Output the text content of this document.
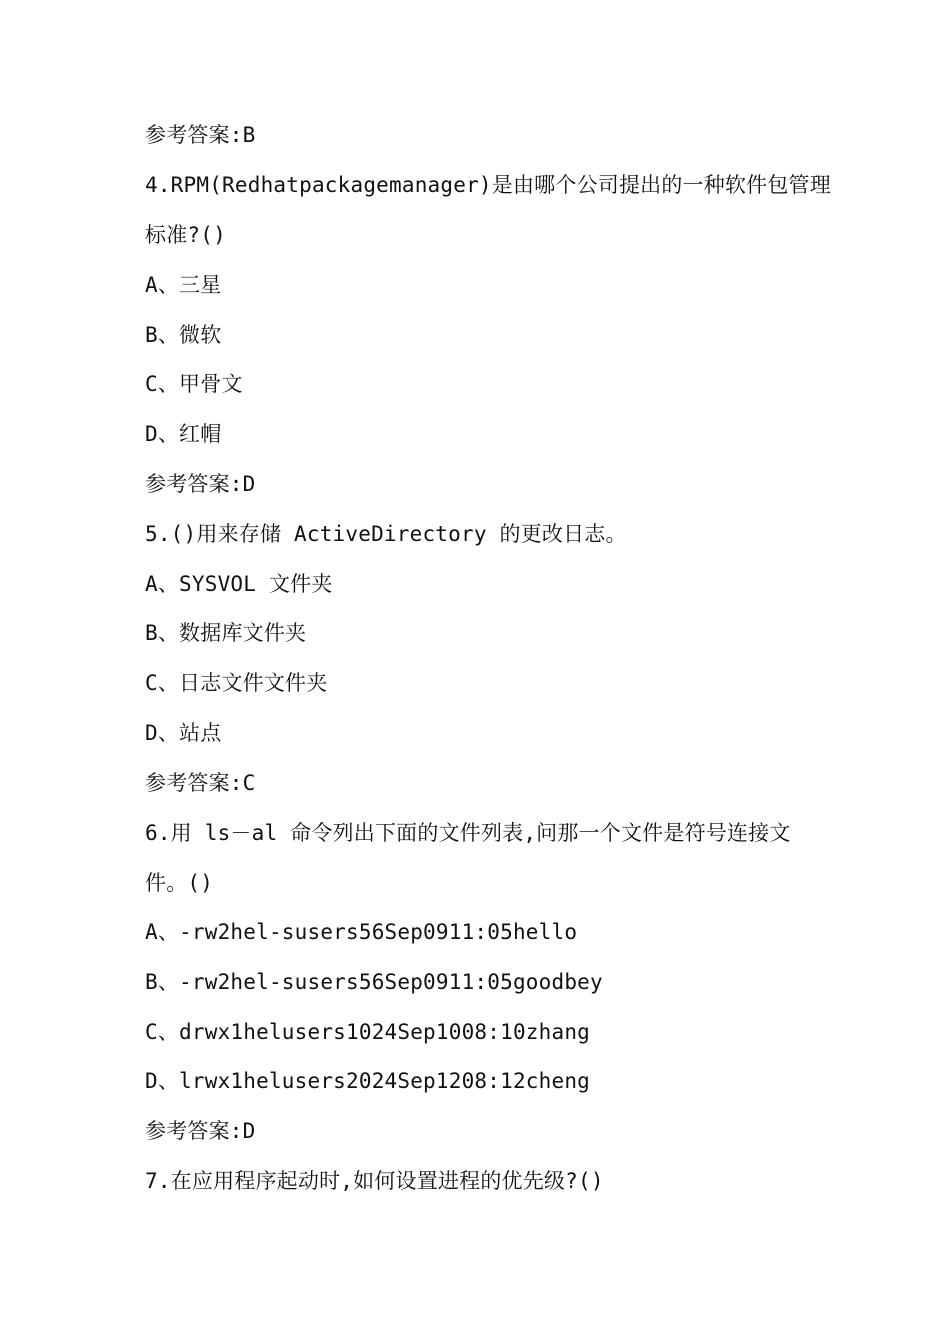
参考答案:B
4.RPM(Redhatpackagemanager)是由哪个公司提出的一种软件包管理
标准?()
A、三星
B、微软
C、甲骨文
D、红帽
参考答案:D
5.()用来存储 ActiveDirectory 的更改日志。
A、SYSVOL 文件夹
B、数据库文件夹
C、日志文件文件夹
D、站点
参考答案:C
6.用 ls－al 命令列出下面的文件列表,问那一个文件是符号连接文
件。()
A、-rw2hel-susers56Sep0911:05hello
B、-rw2hel-susers56Sep0911:05goodbey
C、drwx1helusers1024Sep1008:10zhang
D、lrwx1helusers2024Sep1208:12cheng
参考答案:D
7.在应用程序起动时,如何设置进程的优先级?()
